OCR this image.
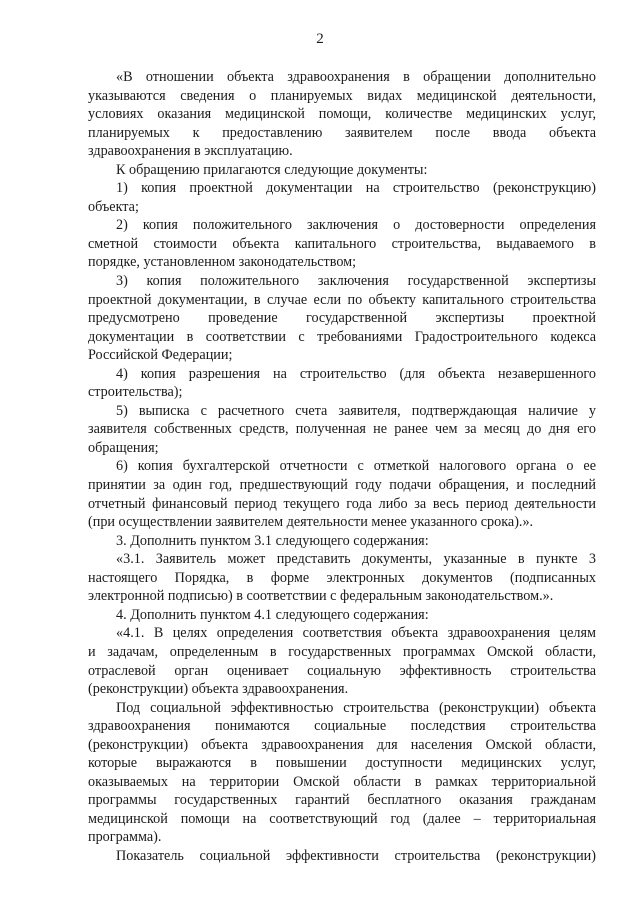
2
«В отношении объекта здравоохранения в обращении дополнительно
указываются сведения о планируемых видах медицинской деятельности,
условиях оказания медицинской помощи, количестве медицинских услуг,
планируемых к предоставлению заявителем после ввода объекта
здравоохранения в эксплуатацию.
К обращению прилагаются следующие документы:
1) копия проектной документации на строительство (реконструкцию)
объекта;
2) копия положительного заключения о достоверности определения
сметной стоимости объекта капитального строительства, выдаваемого в
порядке, установленном законодательством;
3) копия положительного заключения государственной экспертизы
проектной документации, в случае если по объекту капитального строительства
предусмотрено проведение государственной экспертизы проектной
документации в соответствии с требованиями Градостроительного кодекса
Российской Федерации;
4) копия разрешения на строительство (для объекта незавершенного
строительства);
5) выписка с расчетного счета заявителя, подтверждающая наличие у
заявителя собственных средств, полученная не ранее чем за месяц до дня его
обращения;
6) копия бухгалтерской отчетности с отметкой налогового органа о ее
принятии за один год, предшествующий году подачи обращения, и последний
отчетный финансовый период текущего года либо за весь период деятельности
(при осуществлении заявителем деятельности менее указанного срока).».
3. Дополнить пунктом 3.1 следующего содержания:
«3.1. Заявитель может представить документы, указанные в пункте 3
настоящего Порядка, в форме электронных документов (подписанных
электронной подписью) в соответствии с федеральным законодательством.».
4. Дополнить пунктом 4.1 следующего содержания:
«4.1. В целях определения соответствия объекта здравоохранения целям
и задачам, определенным в государственных программах Омской области,
отраслевой орган оценивает социальную эффективность строительства
(реконструкции) объекта здравоохранения.
Под социальной эффективностью строительства (реконструкции) объекта
здравоохранения понимаются социальные последствия строительства
(реконструкции) объекта здравоохранения для населения Омской области,
которые выражаются в повышении доступности медицинских услуг,
оказываемых на территории Омской области в рамках территориальной
программы государственных гарантий бесплатного оказания гражданам
медицинской помощи на соответствующий год (далее – территориальная
программа).
Показатель социальной эффективности строительства (реконструкции)
